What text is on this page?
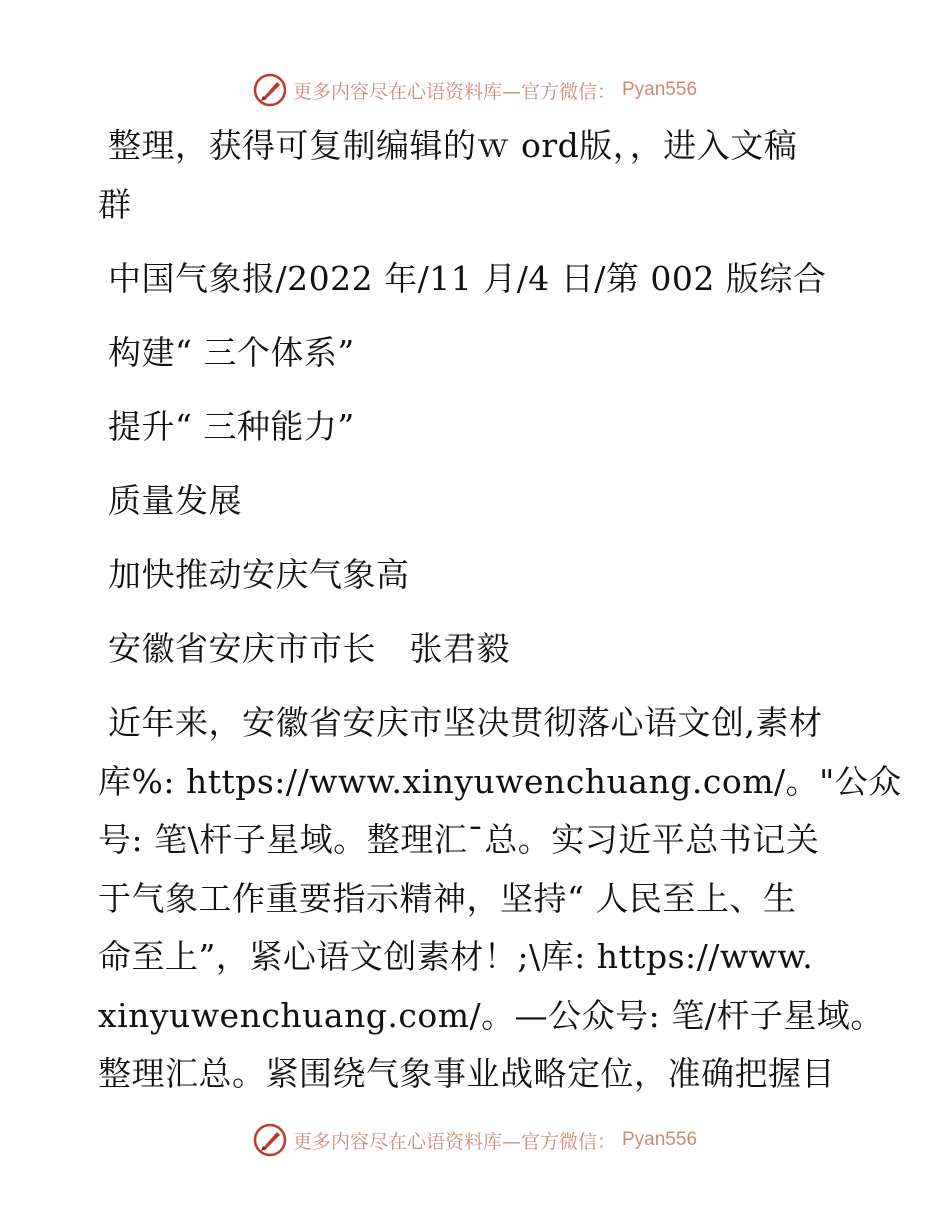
更多内容尽在心语资料库—官方微信： Pyan556
整理，获得可复制编辑的ｗ ord版，，进入文稿
群
中国气象报/2022 年/11 月/4 日/第 002 版综合
构建“ 三个体系”
提升“ 三种能力”
质量发展
加快推动安庆气象高
安徽省安庆市市长　张君毅
近年来，安徽省安庆市坚决贯彻落心语文创,素材
库%: https://www.xinyuwenchuang.com/。"公众
号: 笔\杆子星域。整理汇¯总。实习近平总书记关
于气象工作重要指示精神，坚持“ 人民至上、生
命至上”，紧心语文创素材！;\库: https://www.
xinyuwenchuang.com/。—公众号: 笔/杆子星域。
整理汇总。紧围绕气象事业战略定位，准确把握目
更多内容尽在心语资料库—官方微信： Pyan556
